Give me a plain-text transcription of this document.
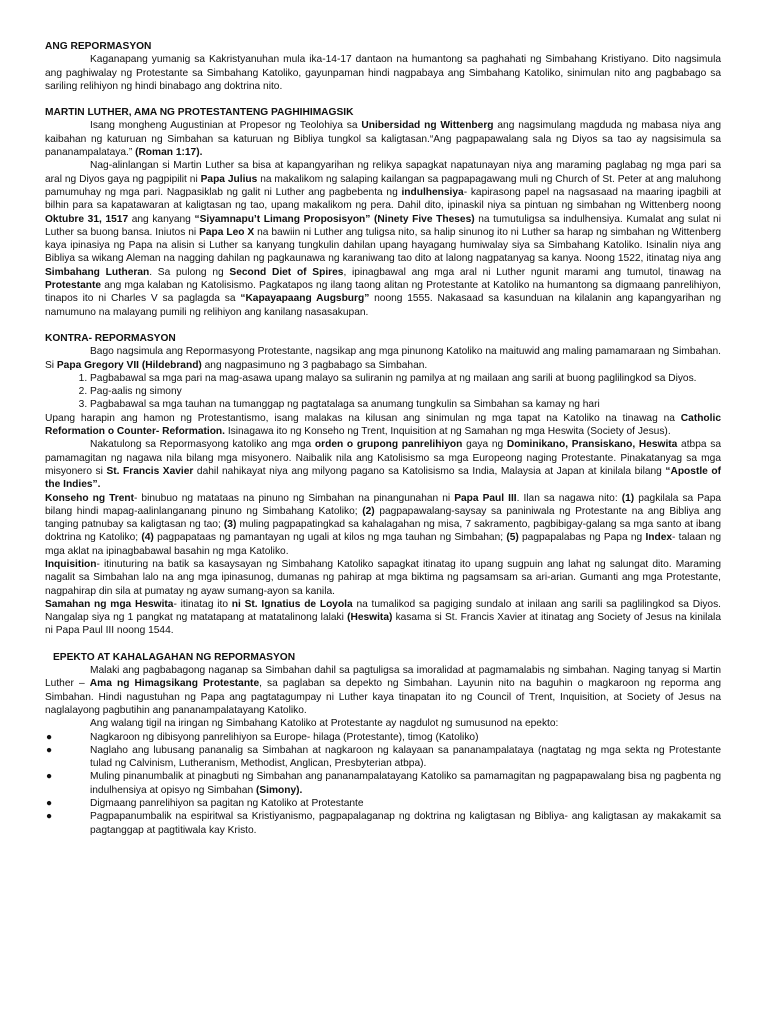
ANG REPORMASYON

Kaganapang yumanig sa Kakristyanuhan mula ika-14-17 dantaon na humantong sa paghahati ng Simbahang Kristiyano. Dito nagsimula ang paghiwalay ng Protestante sa Simbahang Katoliko, gayunpaman hindi nagpabaya ang Simbahang Katoliko, sinimulan nito ang pagbabago sa sariling relihiyon ng hindi binabago ang doktrina nito.

MARTIN LUTHER, AMA NG PROTESTANTENG PAGHIHIMAGSIK

Isang mongheng Augustinian at Propesor ng Teolohiya sa Unibersidad ng Wittenberg ang nagsimulang magduda ng mabasa niya ang kaibahan ng katuruan ng Simbahan sa katuruan ng Bibliya tungkol sa kaligtasan.“Ang pagpapawalang sala ng Diyos sa tao ay nagsisimula sa pananampalataya.” (Roman 1:17).

Nag-alinlangan si Martin Luther sa bisa at kapangyarihan ng relikya sapagkat napatunayan niya ang maraming paglabag ng mga pari sa aral ng Diyos gaya ng pagpipilit ni Papa Julius na makalikom ng salaping kailangan sa pagpapagawang muli ng Church of St. Peter at ang maluhong pamumuhay ng mga pari. Nagpasiklab ng galit ni Luther ang pagbebenta ng indulhensiya- kapirasong papel na nagsasaad na maaring ipagbili at bilhin para sa kapatawaran at kaligtasan ng tao, upang makalikom ng pera. Dahil dito, ipinaskil niya sa pintuan ng simbahan ng Wittenberg noong Oktubre 31, 1517 ang kanyang “Siyamnapu’t Limang Proposisyon” (Ninety Five Theses) na tumutuligsa sa indulhensiya. Kumalat ang sulat ni Luther sa buong bansa. Iniutos ni Papa Leo X na bawiin ni Luther ang tuligsa nito, sa halip sinunog ito ni Luther sa harap ng simbahan ng Wittenberg kaya ipinasiya ng Papa na alisin si Luther sa kanyang tungkulin dahilan upang hayagang humiwalay siya sa Simbahang Katoliko. Isinalin niya ang Bibliya sa wikang Aleman na nagging dahilan ng pagkaunawa ng karaniwang tao dito at lalong nagpatanyag sa kanya. Noong 1522, itinatag niya ang Simbahang Lutheran. Sa pulong ng Second Diet of Spires, ipinagbawal ang mga aral ni Luther ngunit marami ang tumutol, tinawag na Protestante ang mga kalaban ng Katolisismo. Pagkatapos ng ilang taong alitan ng Protestante at Katoliko na humantong sa digmaang panrelihiyon, tinapos ito ni Charles V sa paglagda sa “Kapayapaang Augsburg” noong 1555. Nakasaad sa kasunduan na kilalanin ang kapangyarihan ng namumuno na malayang pumili ng relihiyon ang kanilang nasasakupan.

KONTRA- REPORMASYON

Bago nagsimula ang Repormasyong Protestante, nagsikap ang mga pinunong Katoliko na maituwid ang maling pamamaraan ng Simbahan. Si Papa Gregory VII (Hildebrand) ang nagpasimuno ng 3 pagbabago sa Simbahan.

1. Pagbabawal sa mga pari na mag-asawa upang malayo sa suliranin ng pamilya at ng mailaan ang sarili at buong paglilingkod sa Diyos.
2. Pag-aalis ng simony
3. Pagbabawal sa mga tauhan na tumanggap ng pagtatalaga sa anumang tungkulin sa Simbahan sa kamay ng hari

Upang harapin ang hamon ng Protestantismo, isang malakas na kilusan ang sinimulan ng mga tapat na Katoliko na tinawag na Catholic Reformation o Counter- Reformation. Isinagawa ito ng Konseho ng Trent, Inquisition at ng Samahan ng mga Heswita (Society of Jesus).

Nakatulong sa Repormasyong katoliko ang mga orden o grupong panrelihiyon gaya ng Dominikano, Pransiskano, Heswita atbpa sa pamamagitan ng nagawa nila bilang mga misyonero. Naibalik nila ang Katolisismo sa mga Europeong naging Protestante. Pinakatanyag sa mga misyonero si St. Francis Xavier dahil nahikayat niya ang milyong pagano sa Katolisismo sa India, Malaysia at Japan at kinilala bilang “Apostle of the Indies”.

Konseho ng Trent- binubuo ng matataas na pinuno ng Simbahan na pinangunahan ni Papa Paul III. Ilan sa nagawa nito: (1) pagkilala sa Papa bilang hindi mapag-aalinlanganang pinuno ng Simbahang Katoliko; (2) pagpapawalang-saysay sa paniniwala ng Protestante na ang Bibliya ang tanging patnubay sa kaligtasan ng tao; (3) muling pagpapatingkad sa kahalagahan ng misa, 7 sakramento, pagbibigay-galang sa mga santo at ibang doktrina ng Katoliko; (4) pagpapataas ng pamantayan ng ugali at kilos ng mga tauhan ng Simbahan; (5) pagpapalabas ng Papa ng Index- talaan ng mga aklat na ipinagbabawal basahin ng mga Katoliko.

Inquisition- itinuturing na batik sa kasaysayan ng Simbahang Katoliko sapagkat itinatag ito upang sugpuin ang lahat ng salungat dito. Maraming nagalit sa Simbahan lalo na ang mga ipinasunog, dumanas ng pahirap at mga biktima ng pagsamsam sa ari-arian. Gumanti ang mga Protestante, nagpahirap din sila at pumatay ng ayaw sumang-ayon sa kanila.

Samahan ng mga Heswita- itinatag ito ni St. Ignatius de Loyola na tumalikod sa pagiging sundalo at inilaan ang sarili sa paglilingkod sa Diyos. Nangalap siya ng 1 pangkat ng matatapang at matatalinong lalaki (Heswita) kasama si St. Francis Xavier at itinatag ang Society of Jesus na kinilala ni Papa Paul III noong 1544.

EPEKTO AT KAHALAGAHAN NG REPORMASYON

Malaki ang pagbabagong naganap sa Simbahan dahil sa pagtuligsa sa imoralidad at pagmamalabis ng simbahan. Naging tanyag si Martin Luther – Ama ng Himagsikang Protestante, sa paglaban sa depekto ng Simbahan. Layunin nito na baguhin o magkaroon ng reporma ang Simbahan. Hindi nagustuhan ng Papa ang pagtatagumpay ni Luther kaya tinapatan ito ng Council of Trent, Inquisition, at Society of Jesus na naglalayong pagbutihin ang pananampalatayang Katoliko.

Ang walang tigil na iringan ng Simbahang Katoliko at Protestante ay nagdulot ng sumusunod na epekto:

●	Nagkaroon ng dibisyong panrelihiyon sa Europe- hilaga (Protestante), timog (Katoliko)
●	Naglaho ang lubusang pananalig sa Simbahan at nagkaroon ng kalayaan sa pananampalataya (nagtatag ng mga sekta ng Protestante tulad ng Calvinism, Lutheranism, Methodist, Anglican, Presbyterian atbpa).
●	Muling pinanumbalik at pinagbuti ng Simbahan ang pananampalatayang Katoliko sa pamamagitan ng pagpapawalang bisa ng pagbenta ng indulhensiya at opisyo ng Simbahan (Simony).
●	Digmaang panrelihiyon sa pagitan ng Katoliko at Protestante
●	Pagpapanumbalik na espiritwal sa Kristiyanismo, pagpapalaganap ng doktrina ng kaligtasan ng Bibliya- ang kaligtasan ay makakamit sa pagtanggap at pagtitiwala kay Kristo.
